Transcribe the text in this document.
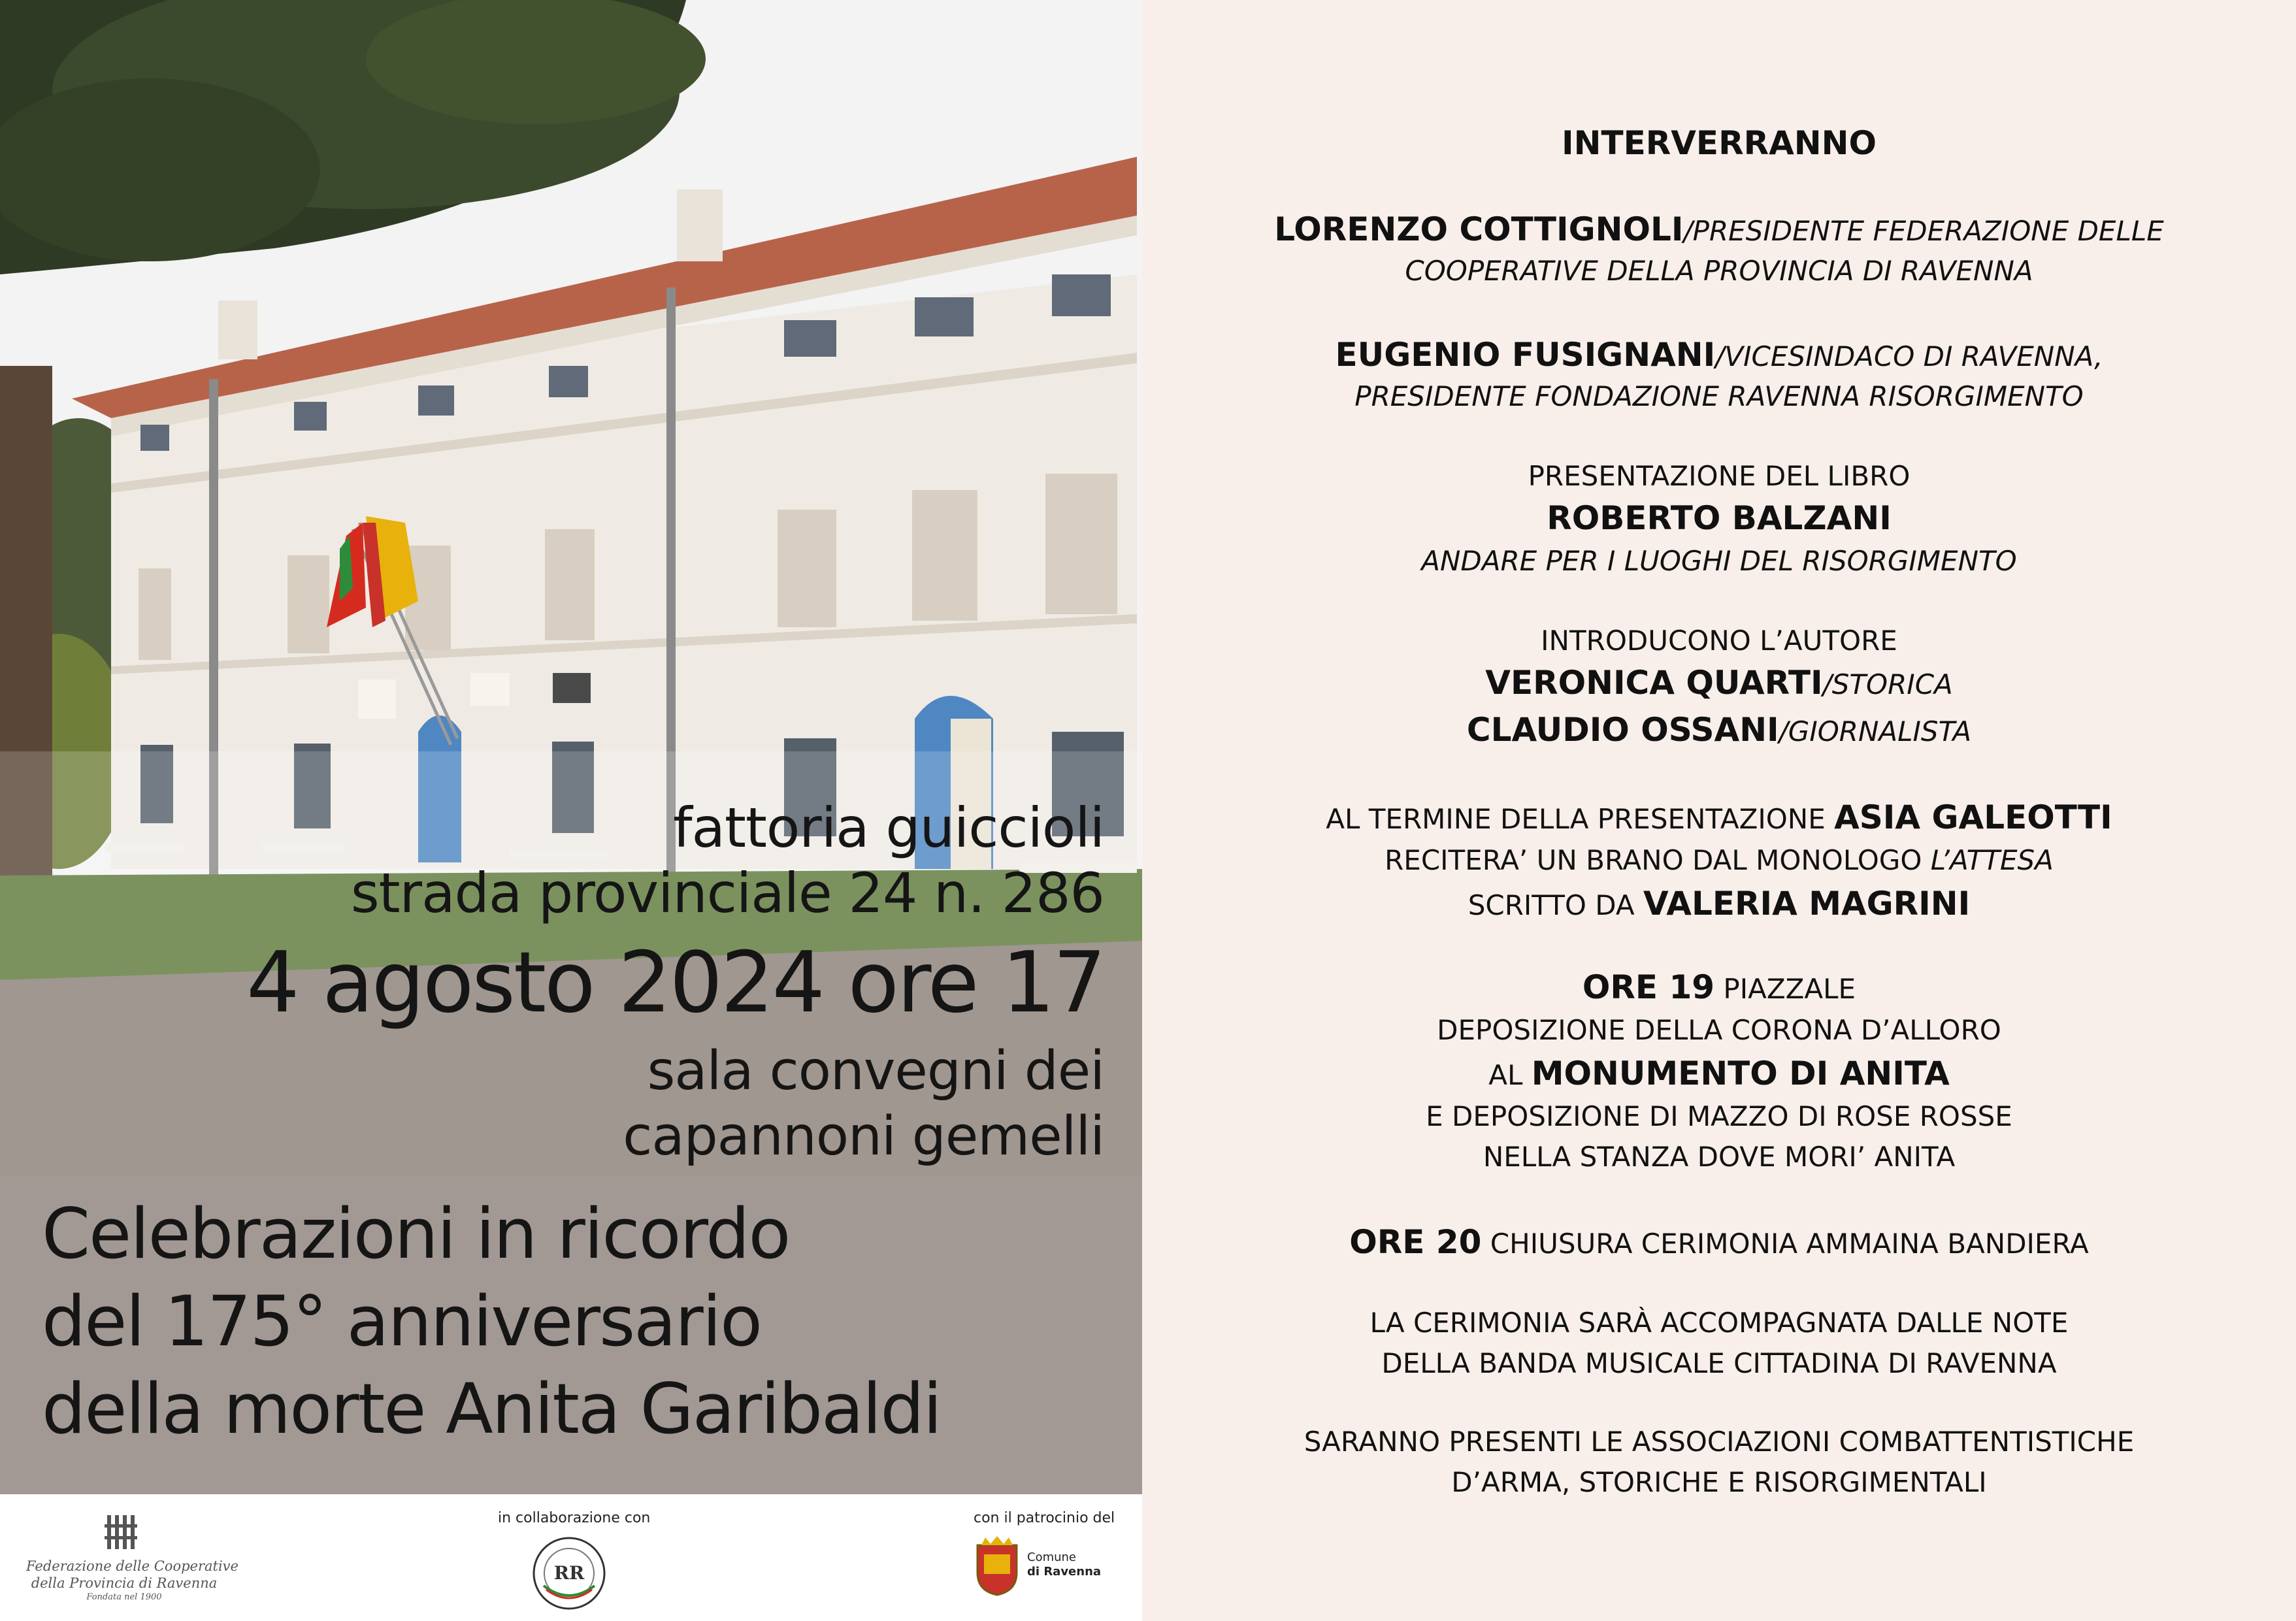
fattoria guiccioli
strada provinciale 24 n. 286
4 agosto 2024 ore 17
sala convegni dei
capannoni gemelli
Celebrazioni in ricordo
del 175° anniversario
della morte Anita Garibaldi
Federazione delle Cooperative
della Provincia di Ravenna
Fondata nel 1900
in collaborazione con
RR
con il patrocinio del
Comune
di Ravenna
INTERVERRANNO
LORENZO COTTIGNOLI/PRESIDENTE FEDERAZIONE DELLE
COOPERATIVE DELLA PROVINCIA DI RAVENNA
EUGENIO FUSIGNANI/VICESINDACO DI RAVENNA,
PRESIDENTE FONDAZIONE RAVENNA RISORGIMENTO
PRESENTAZIONE DEL LIBRO
ROBERTO BALZANI
ANDARE PER I LUOGHI DEL RISORGIMENTO
INTRODUCONO L’AUTORE
VERONICA QUARTI/STORICA
CLAUDIO OSSANI/GIORNALISTA
AL TERMINE DELLA PRESENTAZIONE ASIA GALEOTTI
RECITERA’ UN BRANO DAL MONOLOGO L’ATTESA
SCRITTO DA VALERIA MAGRINI
ORE 19 PIAZZALE
DEPOSIZIONE DELLA CORONA D’ALLORO
AL MONUMENTO DI ANITA
E DEPOSIZIONE DI MAZZO DI ROSE ROSSE
NELLA STANZA DOVE MORI’ ANITA
ORE 20 CHIUSURA CERIMONIA AMMAINA BANDIERA
LA CERIMONIA SARÀ ACCOMPAGNATA DALLE NOTE
DELLA BANDA MUSICALE CITTADINA DI RAVENNA
SARANNO PRESENTI LE ASSOCIAZIONI COMBATTENTISTICHE
D’ARMA, STORICHE E RISORGIMENTALI
